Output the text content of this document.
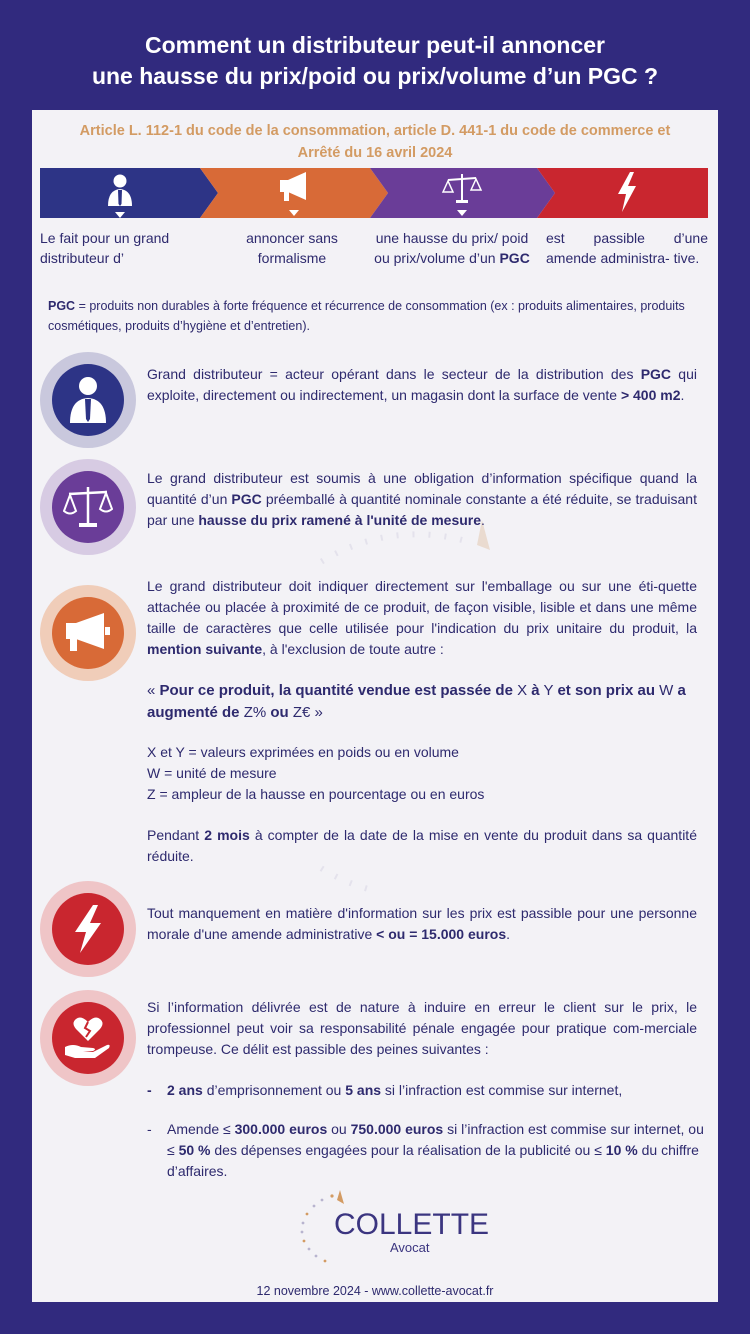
Comment un distributeur peut-il annoncer
une hausse du prix/poid ou prix/volume d’un PGC ?
Article L. 112-1 du code de la consommation, article D. 441-1 du code de commerce et
Arrêté du 16 avril 2024
Le fait pour un grand distributeur d’
annoncer sans formalisme
une hausse du prix/ poid ou prix/volume d’un PGC
est passible d’une amende administra- tive.
PGC = produits non durables à forte fréquence et récurrence de consommation (ex : produits alimentaires, produits cosmétiques, produits d’hygiène et d’entretien).
Grand distributeur = acteur opérant dans le secteur de la distribution des PGC qui exploite, directement ou indirectement, un magasin dont la surface de vente > 400 m2.
Le grand distributeur est soumis à une obligation d’information spécifique quand la quantité d’un PGC préemballé à quantité nominale constante a été réduite, se traduisant par une hausse du prix ramené à l'unité de mesure.
Le grand distributeur doit indiquer directement sur l'emballage ou sur une éti-quette attachée ou placée à proximité de ce produit, de façon visible, lisible et dans une même taille de caractères que celle utilisée pour l'indication du prix unitaire du produit, la mention suivante, à l'exclusion de toute autre :
« Pour ce produit, la quantité vendue est passée de X à Y et son prix au W a augmenté de Z% ou Z€ »
X et Y = valeurs exprimées en poids ou en volume
W = unité de mesure
Z = ampleur de la hausse en pourcentage ou en euros
Pendant 2 mois à compter de la date de la mise en vente du produit dans sa quantité réduite.
Tout manquement en matière d'information sur les prix est passible pour une personne morale d'une amende administrative < ou = 15.000 euros.
Si l’information délivrée est de nature à induire en erreur le client sur le prix, le professionnel peut voir sa responsabilité pénale engagée pour pratique com-merciale trompeuse. Ce délit est passible des peines suivantes :
-	2 ans d’emprisonnement ou 5 ans si l’infraction est commise sur internet,
-	Amende ≤ 300.000 euros ou 750.000 euros si l’infraction est commise sur internet, ou ≤ 50 % des dépenses engagées pour la réalisation de la publicité ou ≤ 10 % du chiffre d’affaires.
COLLETTE
Avocat
12 novembre 2024 - www.collette-avocat.fr
